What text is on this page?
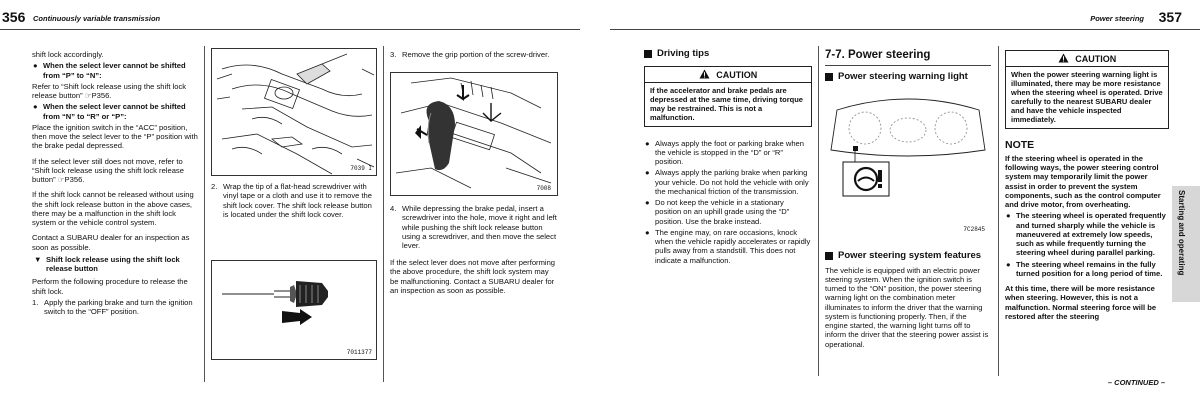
356 Continuously variable transmission	Power steering 357

shift lock accordingly.

● When the select lever cannot be shifted from “P” to “N”:

Refer to “Shift lock release using the shift lock release button” ☞P356.

● When the select lever cannot be shifted from “N” to “R” or “P”:

Place the ignition switch in the “ACC” position, then move the select lever to the “P” position with the brake pedal depressed.

If the select lever still does not move, refer to “Shift lock release using the shift lock release button” ☞P356.

If the shift lock cannot be released without using the shift lock release button in the above cases, there may be a malfunction in the shift lock system or the vehicle control system.

Contact a SUBARU dealer for an inspection as soon as possible.

▼ Shift lock release using the shift lock release button

Perform the following procedure to release the shift lock.

1. Apply the parking brake and turn the ignition switch to the “OFF” position.
7039 I
2. Wrap the tip of a flat-head screwdriver with vinyl tape or a cloth and use it to remove the shift lock cover. The shift lock release button is located under the shift lock cover.
7011377
3. Remove the grip portion of the screw-driver.
7008
4. While depressing the brake pedal, insert a screwdriver into the hole, move it right and left while pushing the shift lock release button using a screwdriver, and then move the select lever.

If the select lever does not move after performing the above procedure, the shift lock system may be malfunctioning. Contact a SUBARU dealer for an inspection as soon as possible.

Driving tips
CAUTION
If the accelerator and brake pedals are depressed at the same time, driving torque may be restrained. This is not a malfunction.
● Always apply the foot or parking brake when the vehicle is stopped in the “D” or “R” position.
● Always apply the parking brake when parking your vehicle. Do not hold the vehicle with only the mechanical friction of the transmission.
● Do not keep the vehicle in a stationary position on an uphill grade using the “D” position. Use the brake instead.
● The engine may, on rare occasions, knock when the vehicle rapidly accelerates or rapidly pulls away from a standstill. This does not indicate a malfunction.
7-7. Power steering
Power steering warning light
7C2845
Power steering system features

The vehicle is equipped with an electric power steering system. When the ignition switch is turned to the “ON” position, the power steering warning light on the combination meter illuminates to inform the driver that the warning system is functioning properly. Then, if the engine started, the warning light turns off to inform the driver that the steering power assist is operational.

CAUTION
When the power steering warning light is illuminated, there may be more resistance when the steering wheel is operated. Drive carefully to the nearest SUBARU dealer and have the vehicle inspected immediately.
NOTE

If the steering wheel is operated in the following ways, the power steering control system may temporarily limit the power assist in order to prevent the system components, such as the control computer and drive motor, from overheating.

● The steering wheel is operated frequently and turned sharply while the vehicle is maneuvered at extremely low speeds, such as while frequently turning the steering wheel during parallel parking.
● The steering wheel remains in the fully turned position for a long period of time.

At this time, there will be more resistance when steering. However, this is not a malfunction. Normal steering force will be restored after the steering

– CONTINUED –
Starting and operating
